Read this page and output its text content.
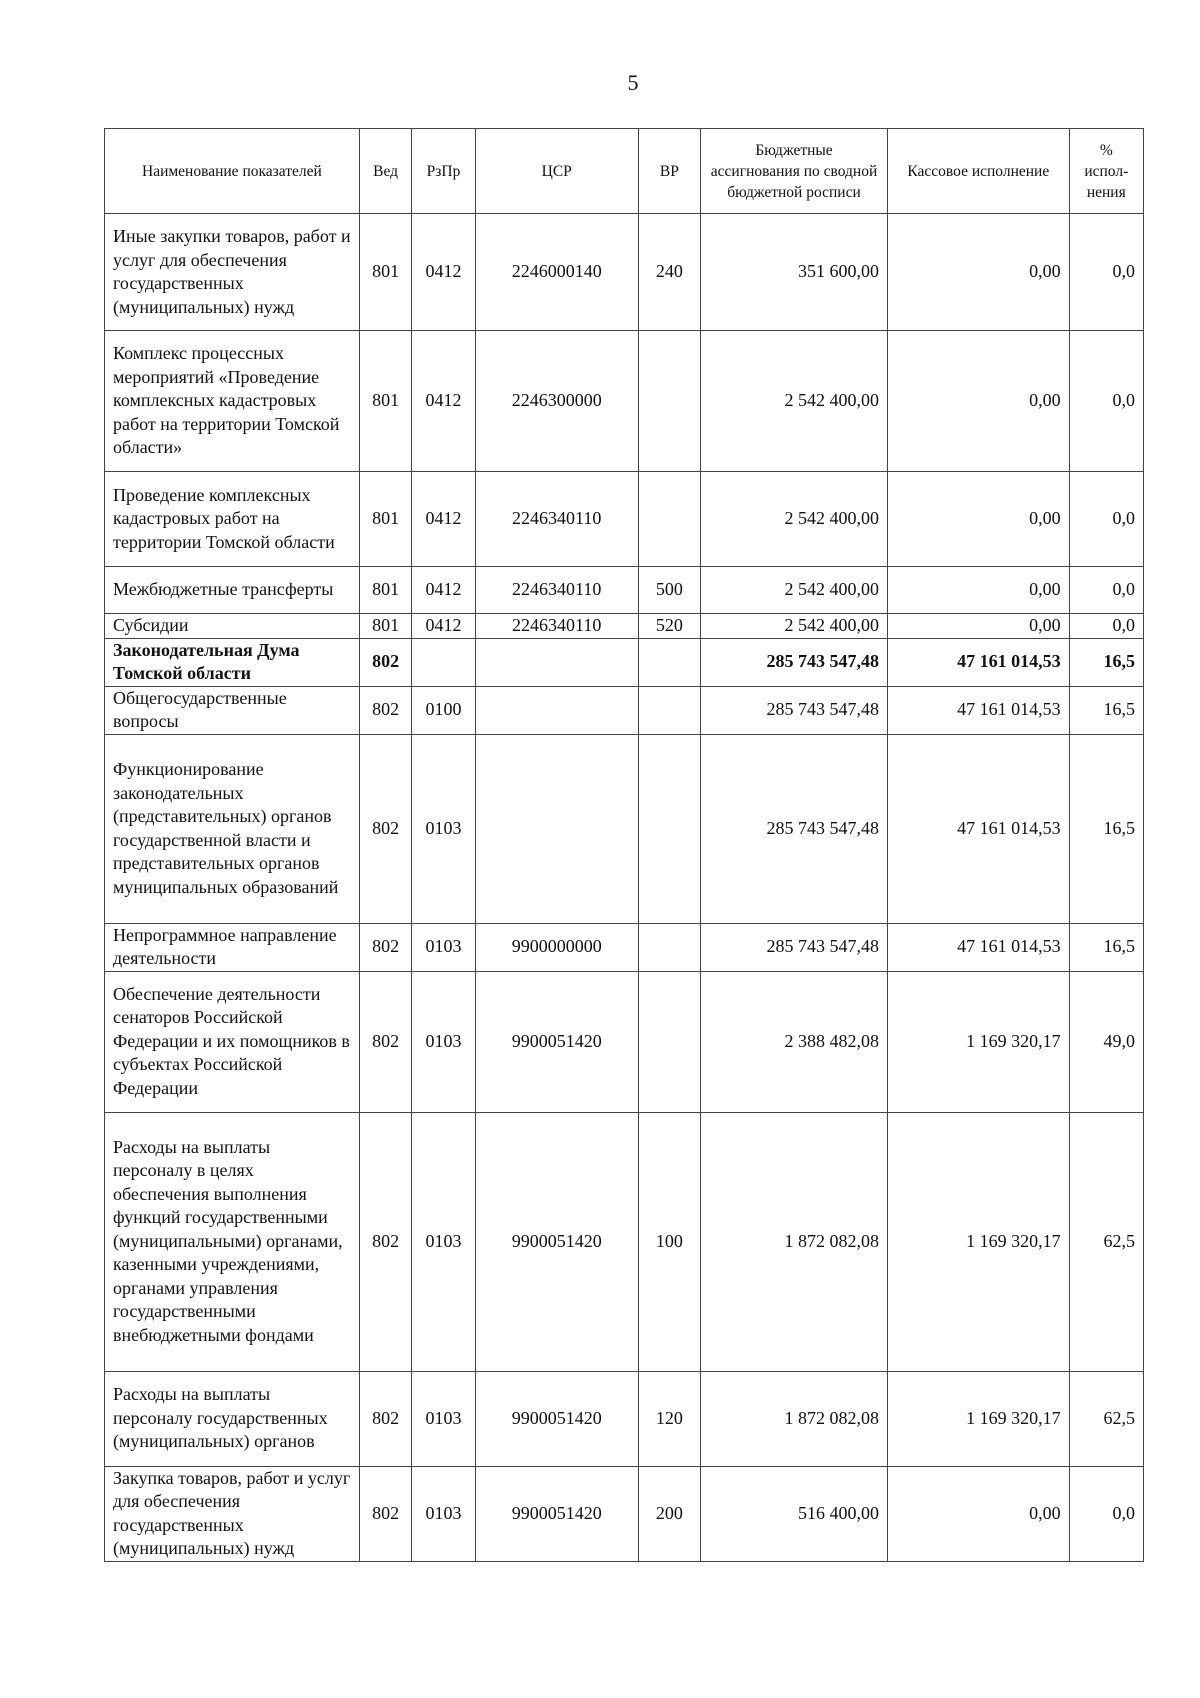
5
Наименование показателей	Вед	РзПр	ЦСР	ВР	Бюджетные ассигнования по сводной бюджетной росписи	Кассовое исполнение	% испол-нения
Иные закупки товаров, работ и услуг для обеспечения государственных (муниципальных) нужд	801	0412	2246000140	240	351 600,00	0,00	0,0
Комплекс процессных мероприятий «Проведение комплексных кадастровых работ на территории Томской области»	801	0412	2246300000		2 542 400,00	0,00	0,0
Проведение комплексных кадастровых работ на территории Томской области	801	0412	2246340110		2 542 400,00	0,00	0,0
Межбюджетные трансферты	801	0412	2246340110	500	2 542 400,00	0,00	0,0
Субсидии	801	0412	2246340110	520	2 542 400,00	0,00	0,0
Законодательная Дума Томской области	802				285 743 547,48	47 161 014,53	16,5
Общегосударственные вопросы	802	0100			285 743 547,48	47 161 014,53	16,5
Функционирование законодательных (представительных) органов государственной власти и представительных органов муниципальных образований	802	0103			285 743 547,48	47 161 014,53	16,5
Непрограммное направление деятельности	802	0103	9900000000		285 743 547,48	47 161 014,53	16,5
Обеспечение деятельности сенаторов Российской Федерации и их помощников в субъектах Российской Федерации	802	0103	9900051420		2 388 482,08	1 169 320,17	49,0
Расходы на выплаты персоналу в целях обеспечения выполнения функций государственными (муниципальными) органами, казенными учреждениями, органами управления государственными внебюджетными фондами	802	0103	9900051420	100	1 872 082,08	1 169 320,17	62,5
Расходы на выплаты персоналу государственных (муниципальных) органов	802	0103	9900051420	120	1 872 082,08	1 169 320,17	62,5
Закупка товаров, работ и услуг для обеспечения государственных (муниципальных) нужд	802	0103	9900051420	200	516 400,00	0,00	0,0
